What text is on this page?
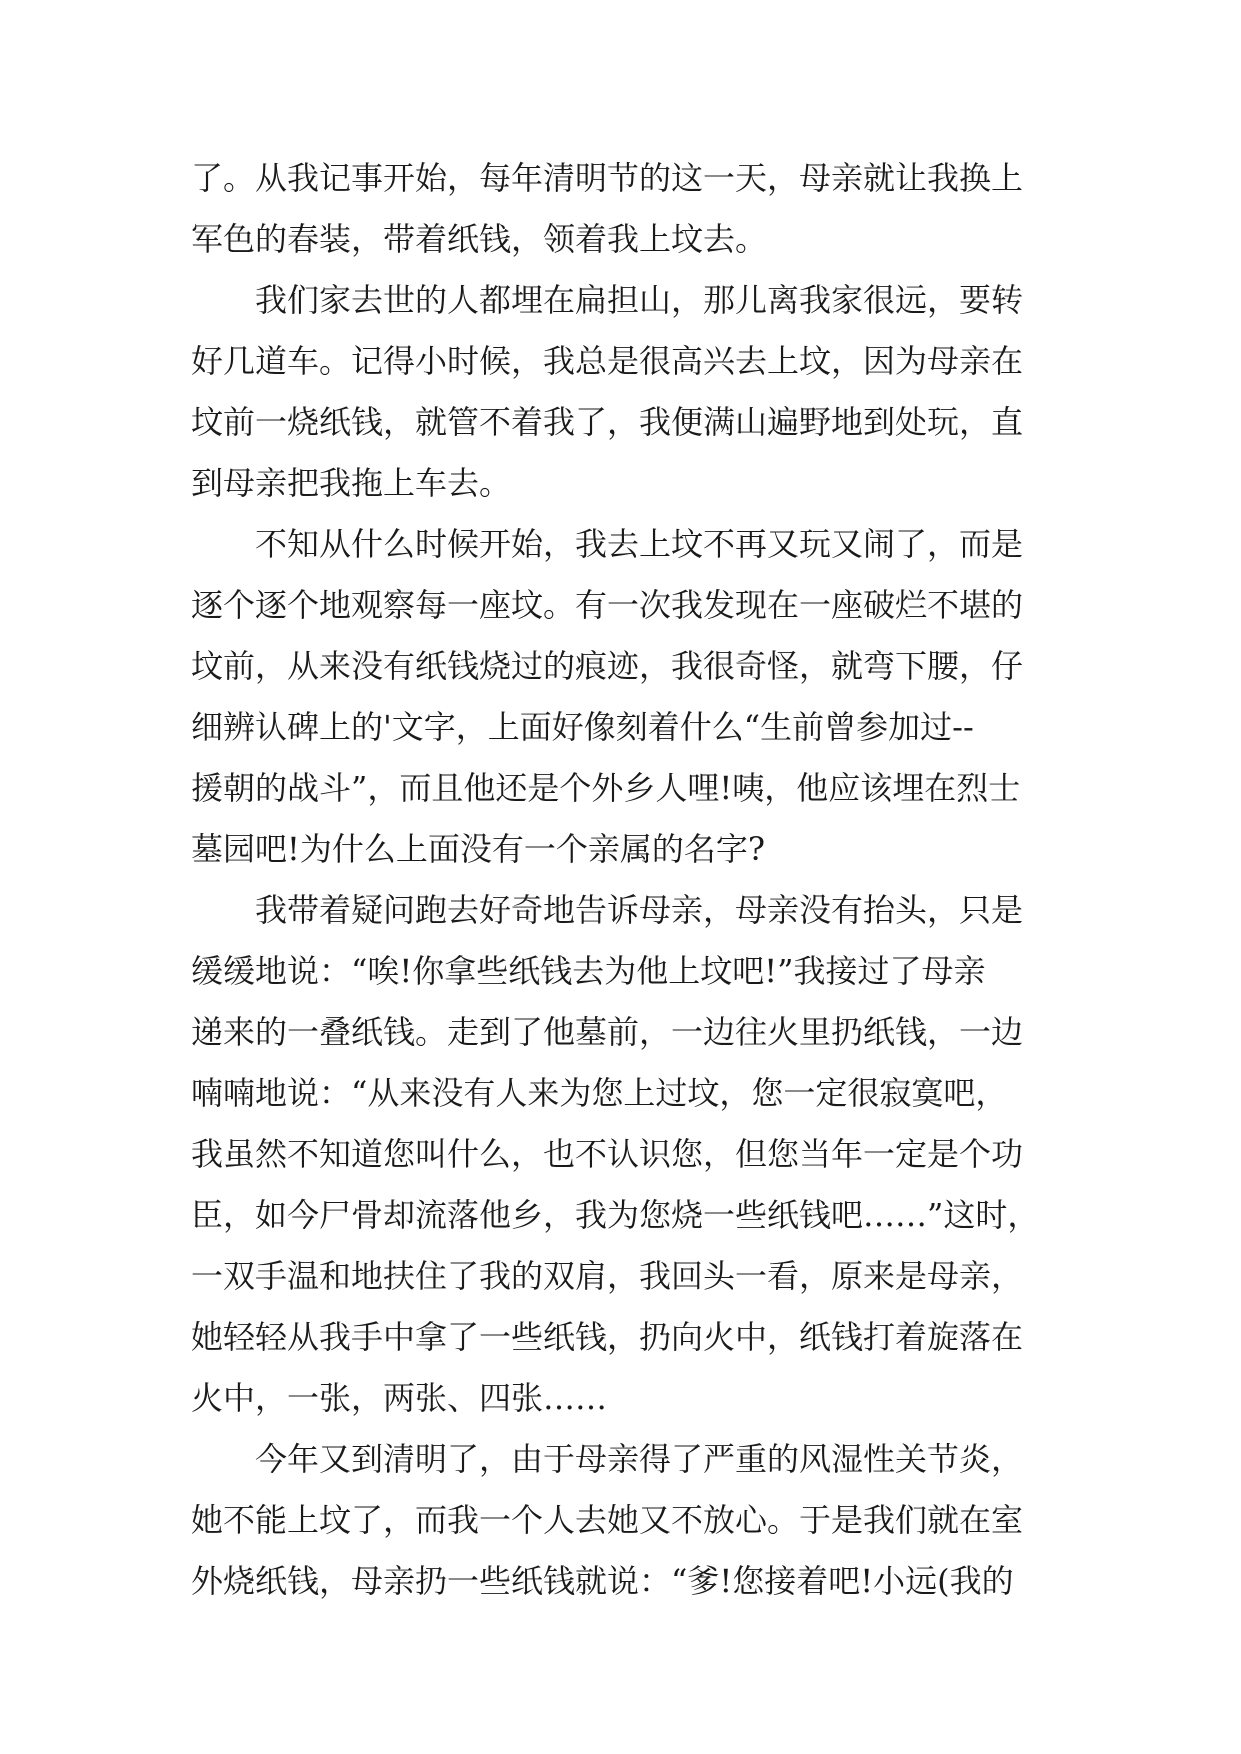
了。从我记事开始，每年清明节的这一天，母亲就让我换上
军色的春装，带着纸钱，领着我上坟去。
我们家去世的人都埋在扁担山，那儿离我家很远，要转
好几道车。记得小时候，我总是很高兴去上坟，因为母亲在
坟前一烧纸钱，就管不着我了，我便满山遍野地到处玩，直
到母亲把我拖上车去。
不知从什么时候开始，我去上坟不再又玩又闹了，而是
逐个逐个地观察每一座坟。有一次我发现在一座破烂不堪的
坟前，从来没有纸钱烧过的痕迹，我很奇怪，就弯下腰，仔
细辨认碑上的'文字，上面好像刻着什么“生前曾参加过--
援朝的战斗”，而且他还是个外乡人哩!咦，他应该埋在烈士
墓园吧!为什么上面没有一个亲属的名字?
我带着疑问跑去好奇地告诉母亲，母亲没有抬头，只是
缓缓地说：“唉!你拿些纸钱去为他上坟吧!”我接过了母亲
递来的一叠纸钱。走到了他墓前，一边往火里扔纸钱，一边
喃喃地说：“从来没有人来为您上过坟，您一定很寂寞吧，
我虽然不知道您叫什么，也不认识您，但您当年一定是个功
臣，如今尸骨却流落他乡，我为您烧一些纸钱吧……”这时，
一双手温和地扶住了我的双肩，我回头一看，原来是母亲，
她轻轻从我手中拿了一些纸钱，扔向火中，纸钱打着旋落在
火中，一张，两张、四张……
今年又到清明了，由于母亲得了严重的风湿性关节炎，
她不能上坟了，而我一个人去她又不放心。于是我们就在室
外烧纸钱，母亲扔一些纸钱就说：“爹!您接着吧!小远(我的
